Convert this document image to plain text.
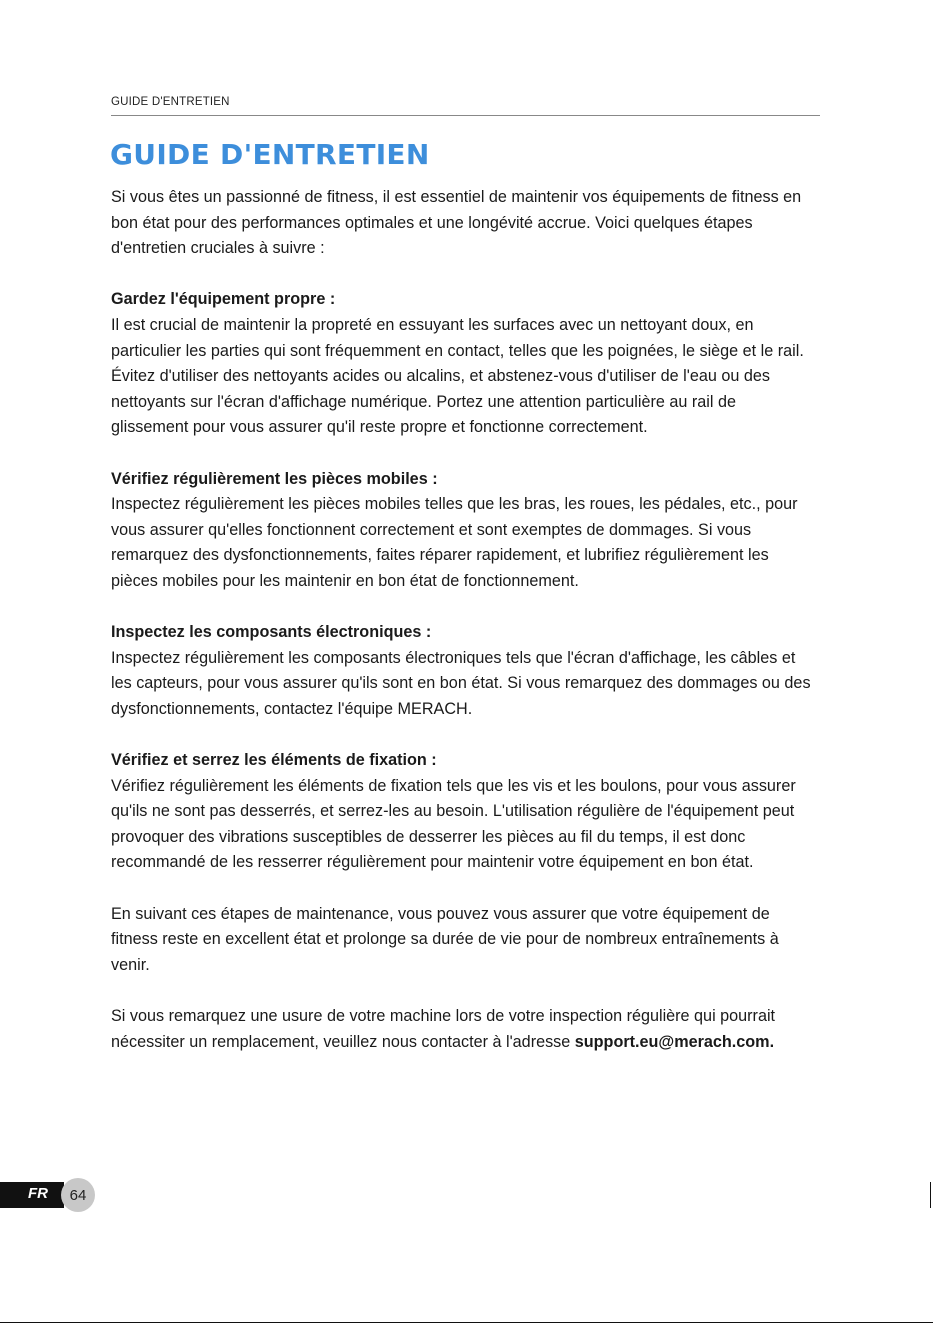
GUIDE D'ENTRETIEN
GUIDE D'ENTRETIEN

Si vous êtes un passionné de fitness, il est essentiel de maintenir vos équipements de fitness en bon état pour des performances optimales et une longévité accrue. Voici quelques étapes d'entretien cruciales à suivre :

Gardez l'équipement propre :
Il est crucial de maintenir la propreté en essuyant les surfaces avec un nettoyant doux, en particulier les parties qui sont fréquemment en contact, telles que les poignées, le siège et le rail. Évitez d'utiliser des nettoyants acides ou alcalins, et abstenez-vous d'utiliser de l'eau ou des nettoyants sur l'écran d'affichage numérique. Portez une attention particulière au rail de glissement pour vous assurer qu'il reste propre et fonctionne correctement.

Vérifiez régulièrement les pièces mobiles :
Inspectez régulièrement les pièces mobiles telles que les bras, les roues, les pédales, etc., pour vous assurer qu'elles fonctionnent correctement et sont exemptes de dommages. Si vous remarquez des dysfonctionnements, faites réparer rapidement, et lubrifiez régulièrement les pièces mobiles pour les maintenir en bon état de fonctionnement.

Inspectez les composants électroniques :
Inspectez régulièrement les composants électroniques tels que l'écran d'affichage, les câbles et les capteurs, pour vous assurer qu'ils sont en bon état. Si vous remarquez des dommages ou des dysfonctionnements, contactez l'équipe MERACH.

Vérifiez et serrez les éléments de fixation :
Vérifiez régulièrement les éléments de fixation tels que les vis et les boulons, pour vous assurer qu'ils ne sont pas desserrés, et serrez-les au besoin. L'utilisation régulière de l'équipement peut provoquer des vibrations susceptibles de desserrer les pièces au fil du temps, il est donc recommandé de les resserrer régulièrement pour maintenir votre équipement en bon état.

En suivant ces étapes de maintenance, vous pouvez vous assurer que votre équipement de fitness reste en excellent état et prolonge sa durée de vie pour de nombreux entraînements à venir.

Si vous remarquez une usure de votre machine lors de votre inspection régulière qui pourrait nécessiter un remplacement, veuillez nous contacter à l'adresse support.eu@merach.com.

FR	64
